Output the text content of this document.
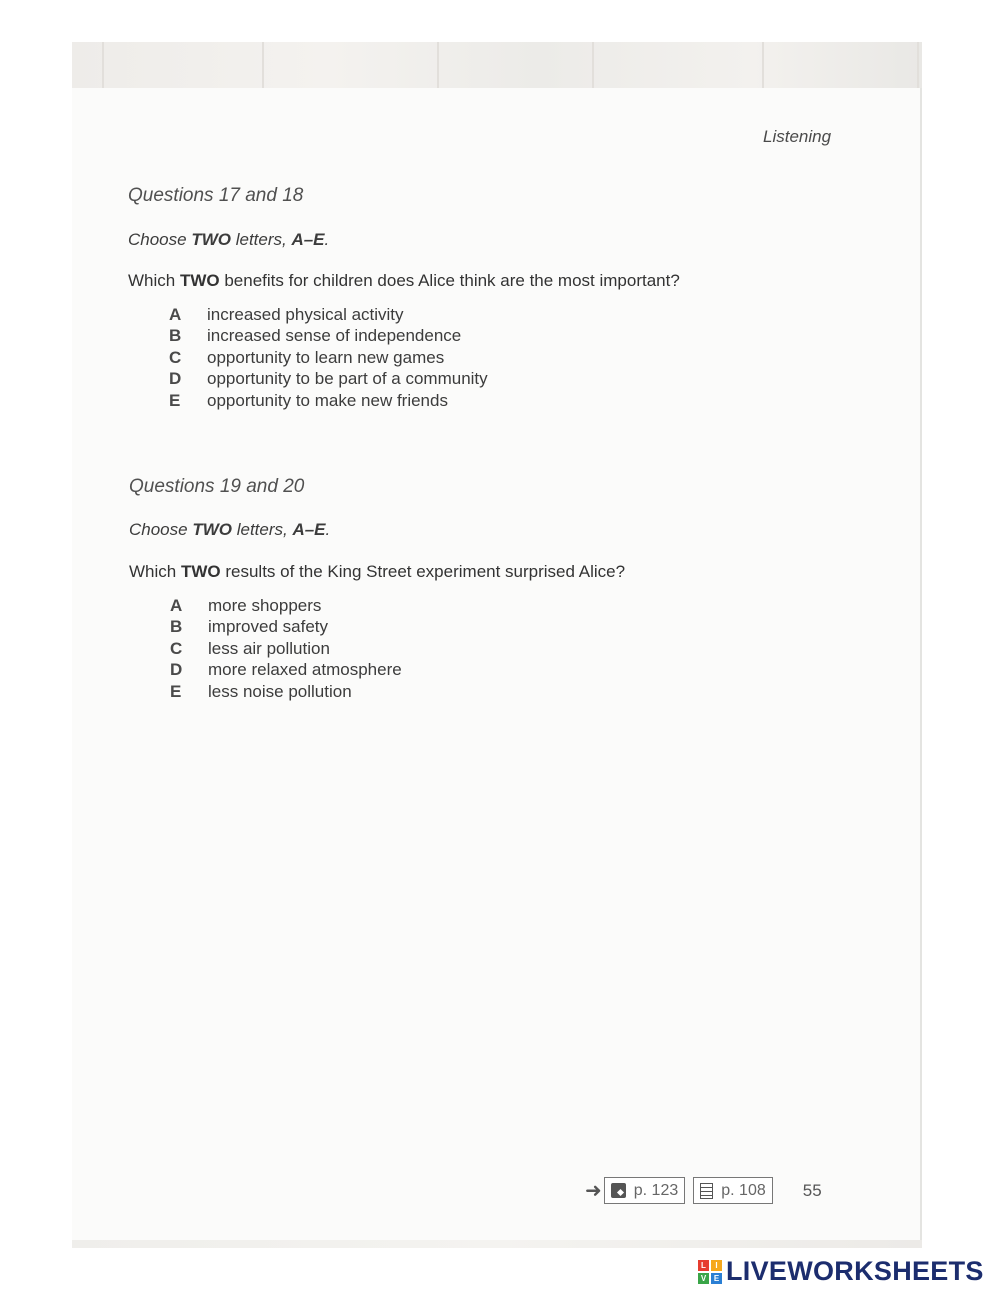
Listening
Questions 17 and 18
Choose TWO letters, A–E.
Which TWO benefits for children does Alice think are the most important?
A	increased physical activity
B	increased sense of independence
C	opportunity to learn new games
D	opportunity to be part of a community
E	opportunity to make new friends
Questions 19 and 20
Choose TWO letters, A–E.
Which TWO results of the King Street experiment surprised Alice?
A	more shoppers
B	improved safety
C	less air pollution
D	more relaxed atmosphere
E	less noise pollution
➜ p. 123	p. 108 55
L	I
V E LIVEWORKSHEETS
